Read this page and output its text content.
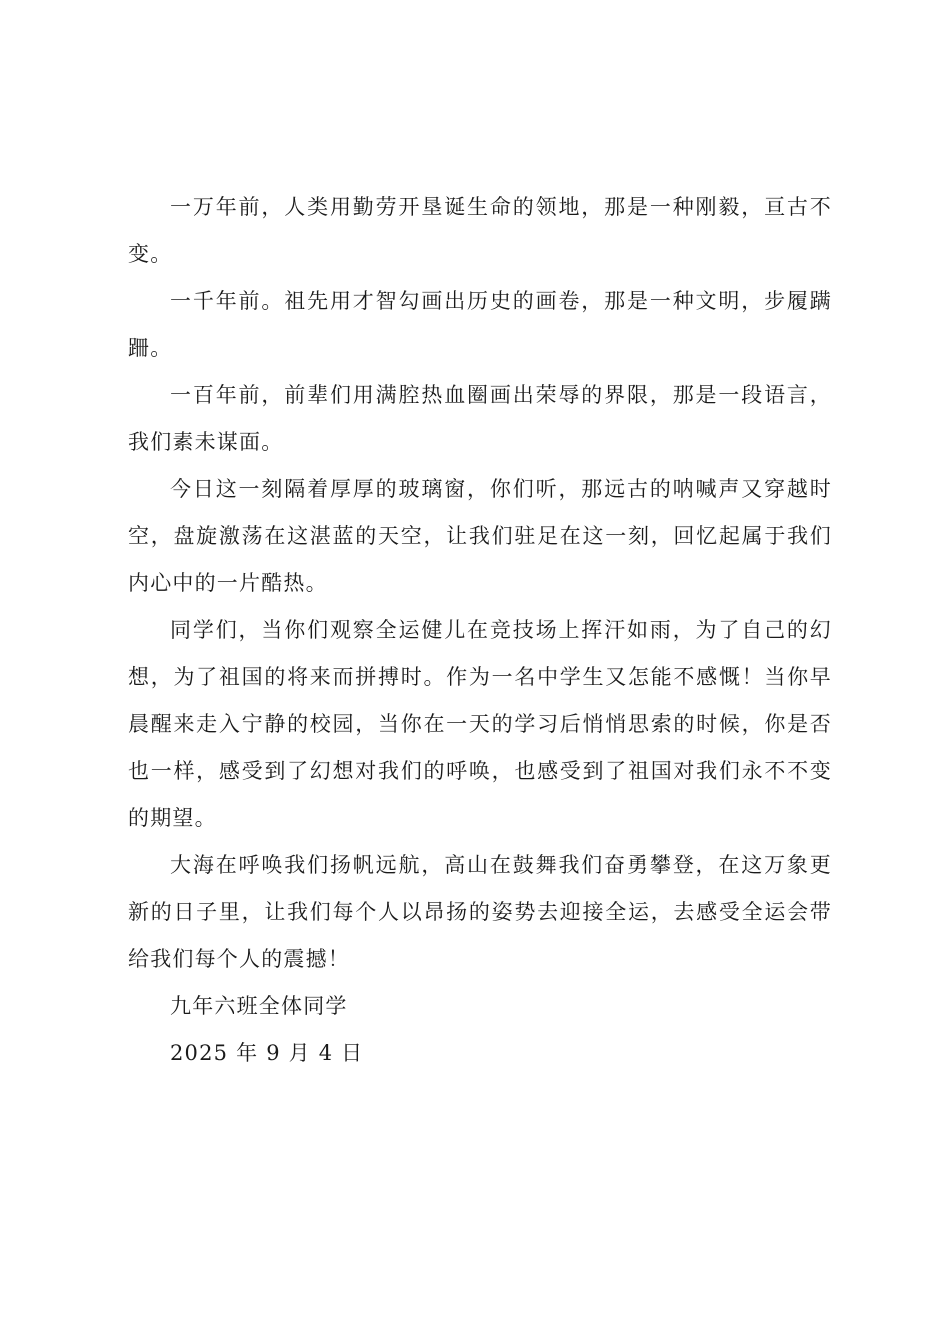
一万年前，人类用勤劳开垦诞生命的领地，那是一种刚毅，亘古不变。

一千年前。祖先用才智勾画出历史的画卷，那是一种文明，步履蹒跚。

一百年前，前辈们用满腔热血圈画出荣辱的界限，那是一段语言，我们素未谋面。

今日这一刻隔着厚厚的玻璃窗，你们听，那远古的呐喊声又穿越时空，盘旋激荡在这湛蓝的天空，让我们驻足在这一刻，回忆起属于我们内心中的一片酷热。

同学们，当你们观察全运健儿在竞技场上挥汗如雨，为了自己的幻想，为了祖国的将来而拼搏时。作为一名中学生又怎能不感慨！当你早晨醒来走入宁静的校园，当你在一天的学习后悄悄思索的时候，你是否也一样，感受到了幻想对我们的呼唤，也感受到了祖国对我们永不不变的期望。

大海在呼唤我们扬帆远航，高山在鼓舞我们奋勇攀登，在这万象更新的日子里，让我们每个人以昂扬的姿势去迎接全运，去感受全运会带给我们每个人的震撼！

九年六班全体同学

2025 年 9 月 4 日
